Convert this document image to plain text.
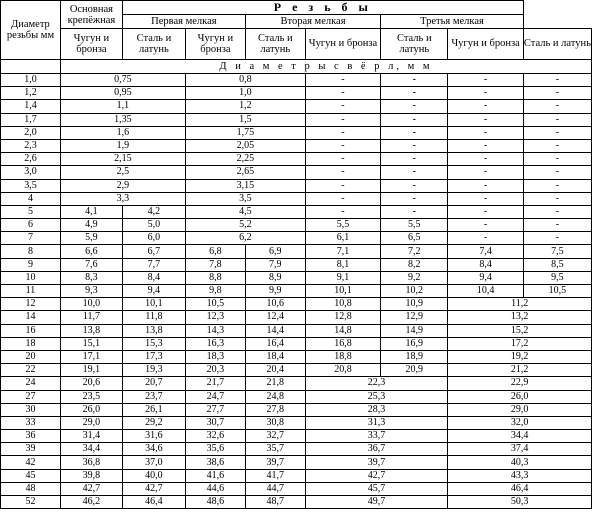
Диаметр резьбы мм	Основная крепёжная	Р е з ь б ы						
		Первая мелкая		Вторая мелкая		Третья мелкая		
	Чугун и бронза	Сталь и латунь	Чугун и бронза	Сталь и латунь	Чугун и бронза	Сталь и латунь	Чугун и бронза	Сталь и латунь
	Д и а м е т р ы с в ё р л, м м							
1,0	0,75		0,8		-	-	-	-
1,2	0,95		1,0		-	-	-	-
1,4	1,1		1,2		-	-	-	-
1,7	1,35		1,5		-	-	-	-
2,0	1,6		1,75		-	-	-	-
2,3	1,9		2,05		-	-	-	-
2,6	2,15		2,25		-	-	-	-
3,0	2,5		2,65		-	-	-	-
3,5	2,9		3,15		-	-	-	-
4	3,3		3,5		-	-	-	-
5	4,1	4,2	4,5		-	-	-	-
6	4,9	5,0	5,2		5,5	5,5	-	-
7	5,9	6,0	6,2		6,1	6,5	-	-
8	6,6	6,7	6,8	6,9	7,1	7,2	7,4	7,5
9	7,6	7,7	7,8	7,9	8,1	8,2	8,4	8,5
10	8,3	8,4	8,8	8,9	9,1	9,2	9,4	9,5
11	9,3	9,4	9,8	9,9	10,1	10,2	10,4	10,5
12	10,0	10,1	10,5	10,6	10,8	10,9	11,2	
14	11,7	11,8	12,3	12,4	12,8	12,9	13,2	
16	13,8	13,8	14,3	14,4	14,8	14,9	15,2	
18	15,1	15,3	16,3	16,4	16,8	16,9	17,2	
20	17,1	17,3	18,3	18,4	18,8	18,9	19,2	
22	19,1	19,3	20,3	20,4	20,8	20,9	21,2	
24	20,6	20,7	21,7	21,8	22,3		22,9	
27	23,5	23,7	24,7	24,8	25,3		26,0	
30	26,0	26,1	27,7	27,8	28,3		29,0	
33	29,0	29,2	30,7	30,8	31,3		32,0	
36	31,4	31,6	32,6	32,7	33,7		34,4	
39	34,4	34,6	35,6	35,7	36,7		37,4	
42	36,8	37,0	38,6	39,7	39,7		40,3	
45	39,8	40,0	41,6	41,7	42,7		43,3	
48	42,7	42,7	44,6	44,7	45,7		46,4	
52	46,2	46,4	48,6	48,7	49,7		50,3	
